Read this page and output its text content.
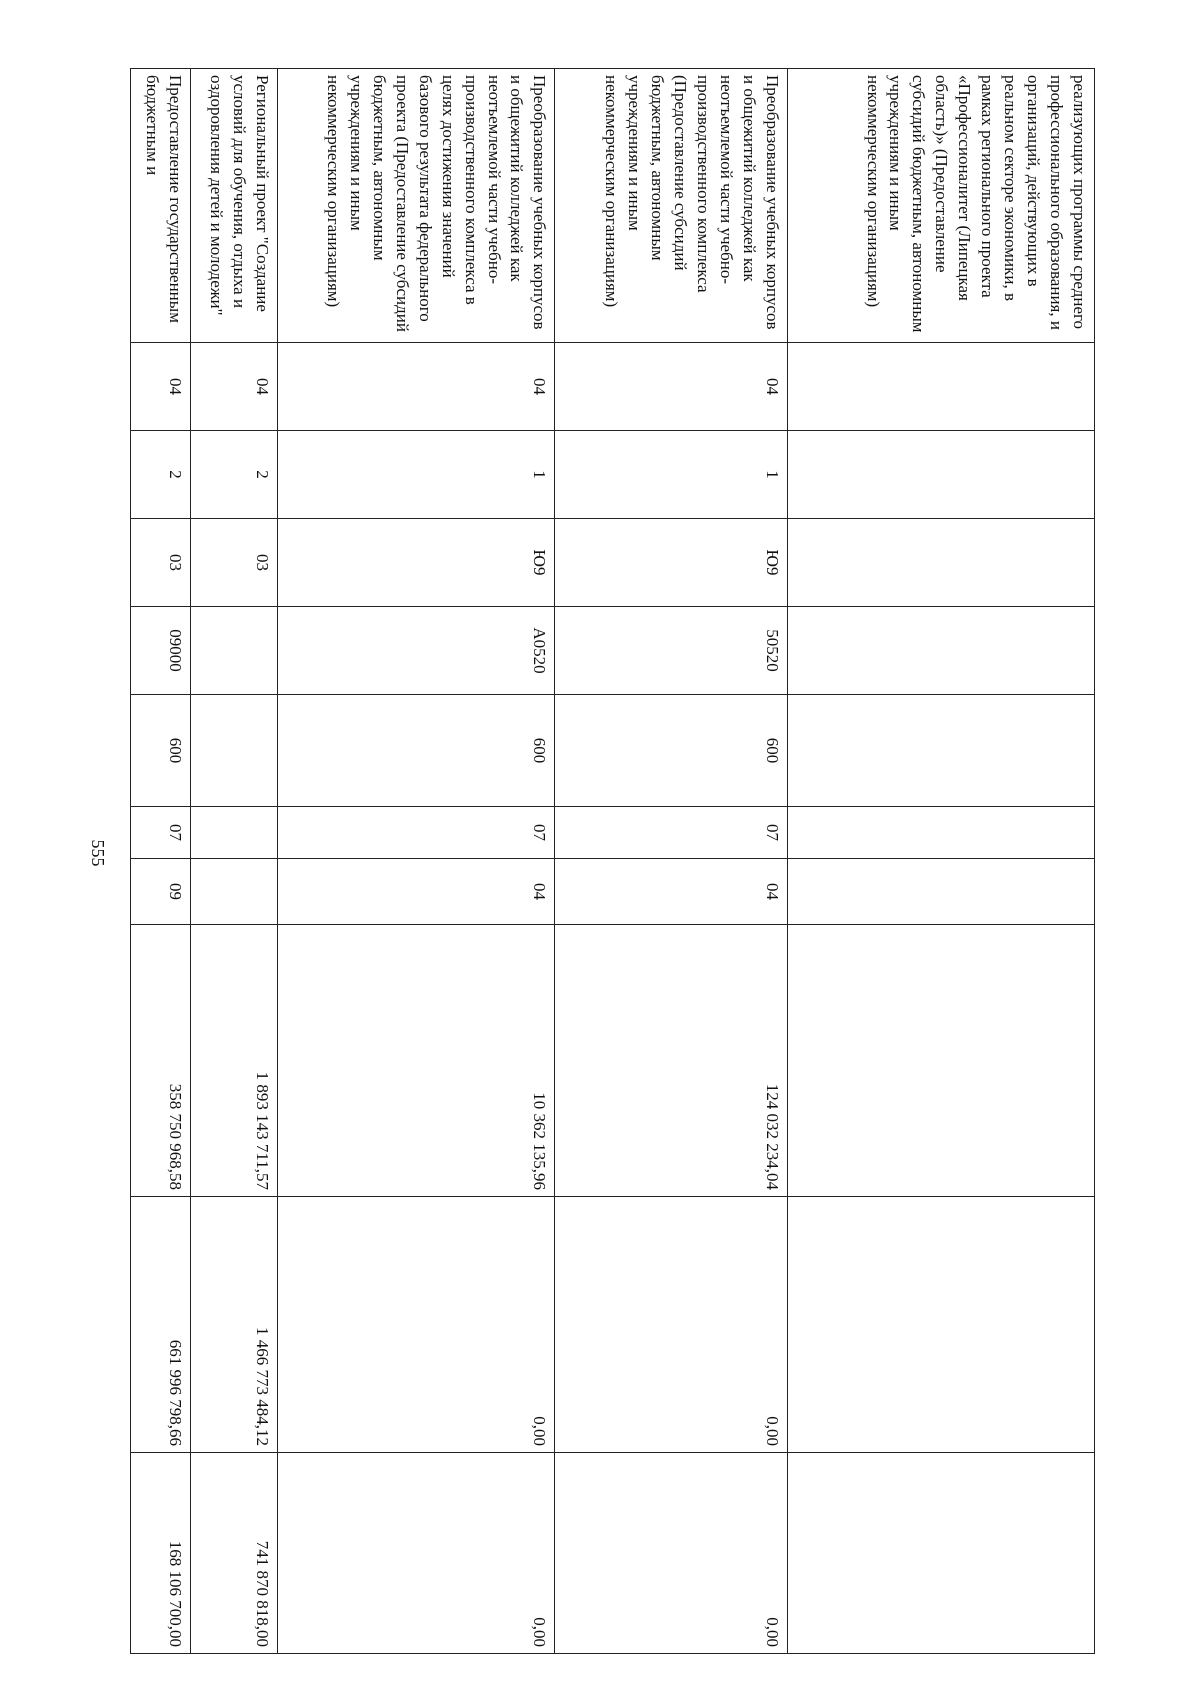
555
реализующих программы среднего профессионального образования, и организаций, действующих в реальном секторе экономики, в рамках регионального проекта «Профессионалитет (Липецкая область)» (Предоставление субсидий бюджетным, автономным учреждениям и иным некоммерческим организациям)										
Преобразование учебных корпусов и общежитий колледжей как неотъемлемой части учебно-производственного комплекса (Предоставление субсидий бюджетным, автономным учреждениям и иным некоммерческим организациям)	04	1	Ю9	50520	600	07	04	124 032 234,04	0,00	0,00
Преобразование учебных корпусов и общежитий колледжей как неотъемлемой части учебно-производственного комплекса в целях достижения значений базового результата федерального проекта (Предоставление субсидий бюджетным, автономным учреждениям и иным некоммерческим организациям)	04	1	Ю9	А0520	600	07	04	10 362 135,96	0,00	0,00
Региональный проект "Создание условий для обучения, отдыха и оздоровления детей и молодежи"	04	2	03					1 893 143 711,57	1 466 773 484,12	741 870 818,00
Предоставление государственным бюджетным и	04	2	03	09000	600	07	09	358 750 968,58	661 996 798,66	168 106 700,00
